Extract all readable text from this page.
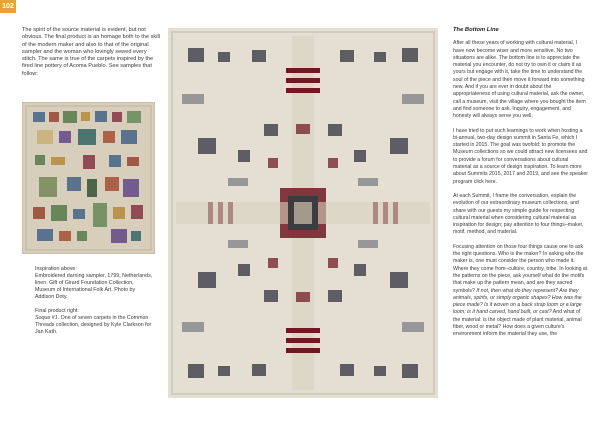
102

The spirit of the source material is evident, but not obvious. The final product is an homage both to the skill of the modern maker and also to that of the original sampler and the woman who lovingly sewed every stitch. The same is true of the carpets inspired by the fired line pottery of Acoma Pueblo. See samples that follow:

Inspiration above:
Embroidered darning sampler, 1799, Netherlands, linen. Gift of Girard Foundation Collection, Museum of International Folk Art. Photo by Addison Doty.

Final product right:
Soque #1. One of seven carpets in the Common Threads collection, designed by Kyle Clarkson for Jan Kath.

The Bottom Line

After all these years of working with cultural material, I have now become wiser and more sensitive. No two situations are alike. The bottom line is to appreciate the material you encounter, do not try to own it or claim it as yours but engage with it, take the time to understand the soul of the piece and then move it forward into something new. And if you are ever in doubt about the appropriateness of using cultural material, ask the owner, call a museum, visit the village where you bought the item and find someone to ask. Inquiry, engagement, and honesty will always serve you well.

I have tried to put such learnings to work when hosting a bi-annual, two-day design summit in Santa Fe, which I started in 2015. The goal was twofold: to promote the Museum collections so we could attract new licensees and to provide a forum for conversations about cultural material as a source of design inspiration. To learn more about Summits 2015, 2017 and 2019, and see the speaker program click here.

At each Summit, I frame the conversation, explain the evolution of our extraordinary museum collections, and share with our guests my simple guide for respecting cultural material when considering cultural material as inspiration for design; pay attention to four things–maker, motif, method, and material.

Focusing attention on those four things cause one to ask the right questions. Who is the maker? In asking who the maker is, one must consider the person who made it. Where they come from–culture, country, tribe. In looking at the patterns on the piece, ask yourself what do the motifs that make up the pattern mean, and are they sacred symbols? If not, then what do they represent? Are they animals, spirits, or simply organic shapes? How was the piece made? Is it woven on a back strap loom or a large loom; is it hand carved, hand built, or cast? And what of the material: is the object made of plant material, animal fiber, wood or metal? How does a given culture's environment inform the material they use, the
